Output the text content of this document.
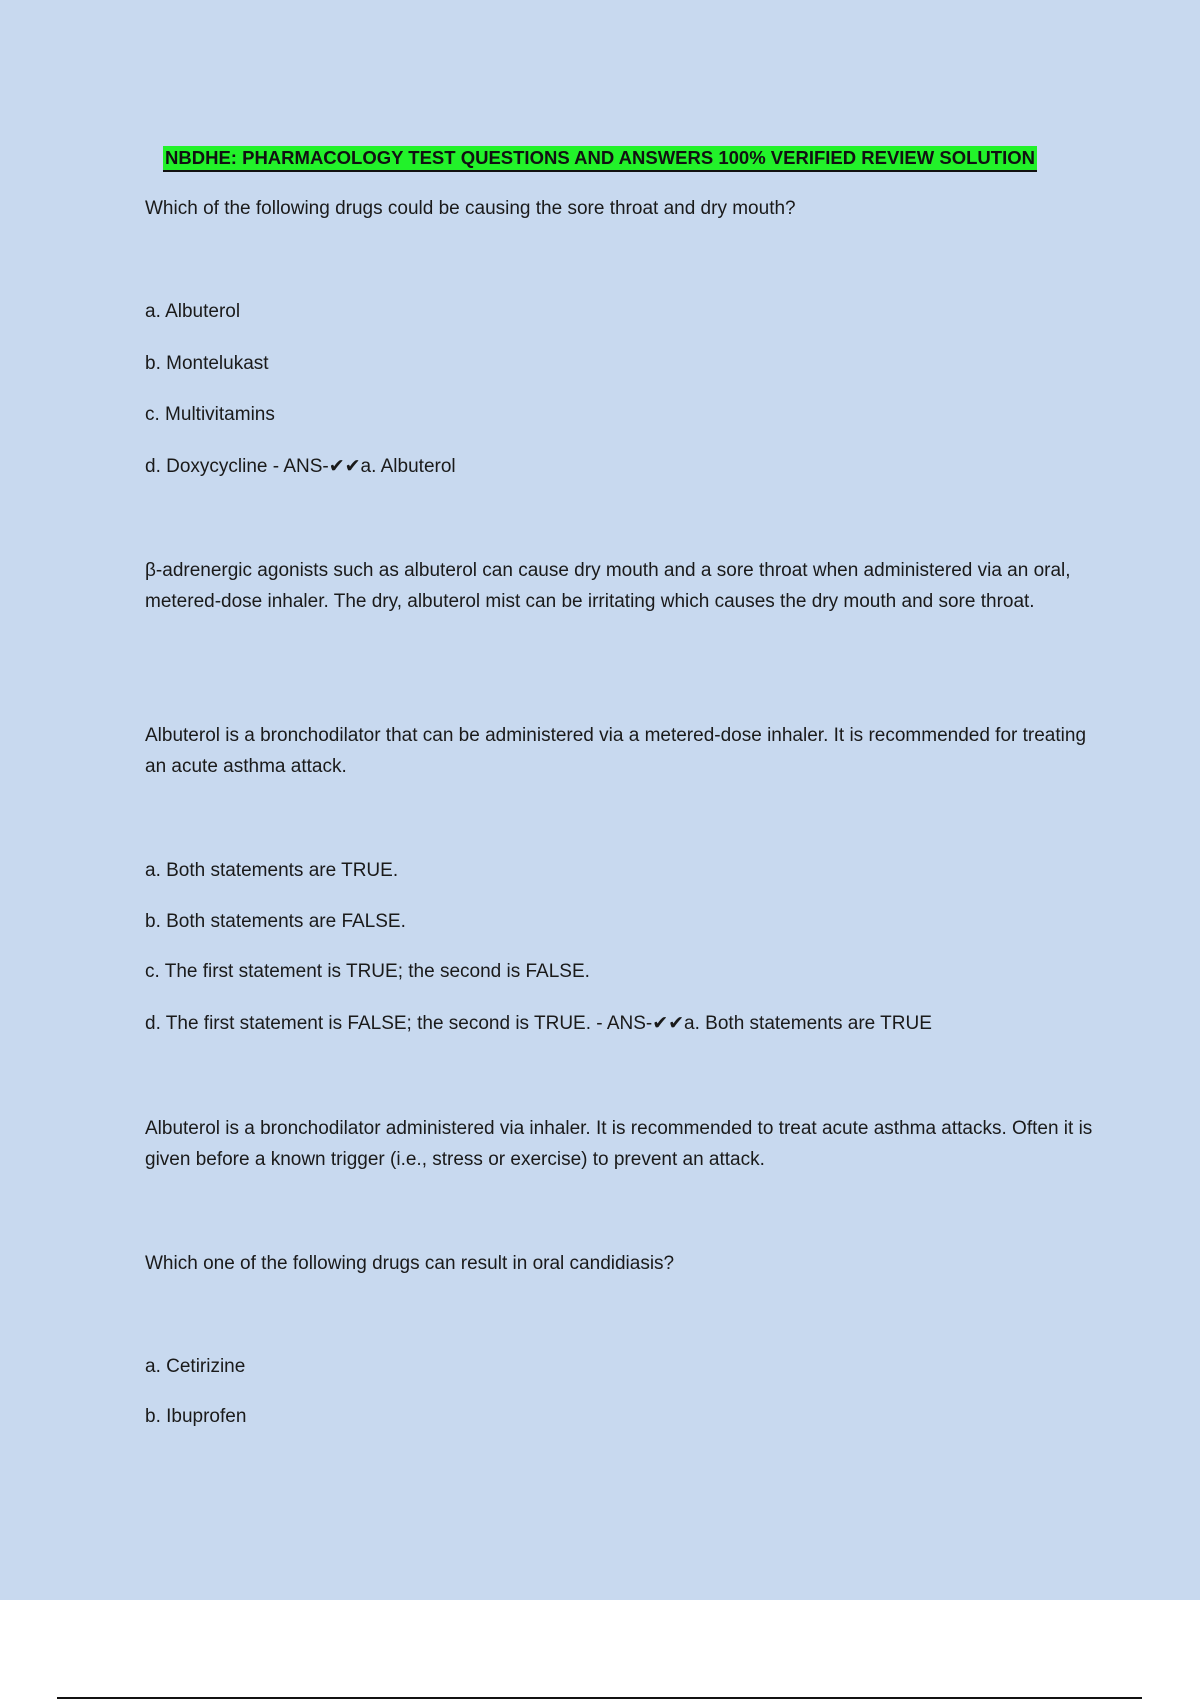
NBDHE: PHARMACOLOGY TEST QUESTIONS AND ANSWERS 100% VERIFIED REVIEW SOLUTION
Which of the following drugs could be causing the sore throat and dry mouth?
a. Albuterol
b. Montelukast
c. Multivitamins
d. Doxycycline - ANS-✔✔a. Albuterol
β-adrenergic agonists such as albuterol can cause dry mouth and a sore throat when administered via an oral, metered-dose inhaler. The dry, albuterol mist can be irritating which causes the dry mouth and sore throat.
Albuterol is a bronchodilator that can be administered via a metered-dose inhaler. It is recommended for treating an acute asthma attack.
a. Both statements are TRUE.
b. Both statements are FALSE.
c. The first statement is TRUE; the second is FALSE.
d. The first statement is FALSE; the second is TRUE. - ANS-✔✔a. Both statements are TRUE
Albuterol is a bronchodilator administered via inhaler. It is recommended to treat acute asthma attacks. Often it is given before a known trigger (i.e., stress or exercise) to prevent an attack.
Which one of the following drugs can result in oral candidiasis?
a. Cetirizine
b. Ibuprofen
